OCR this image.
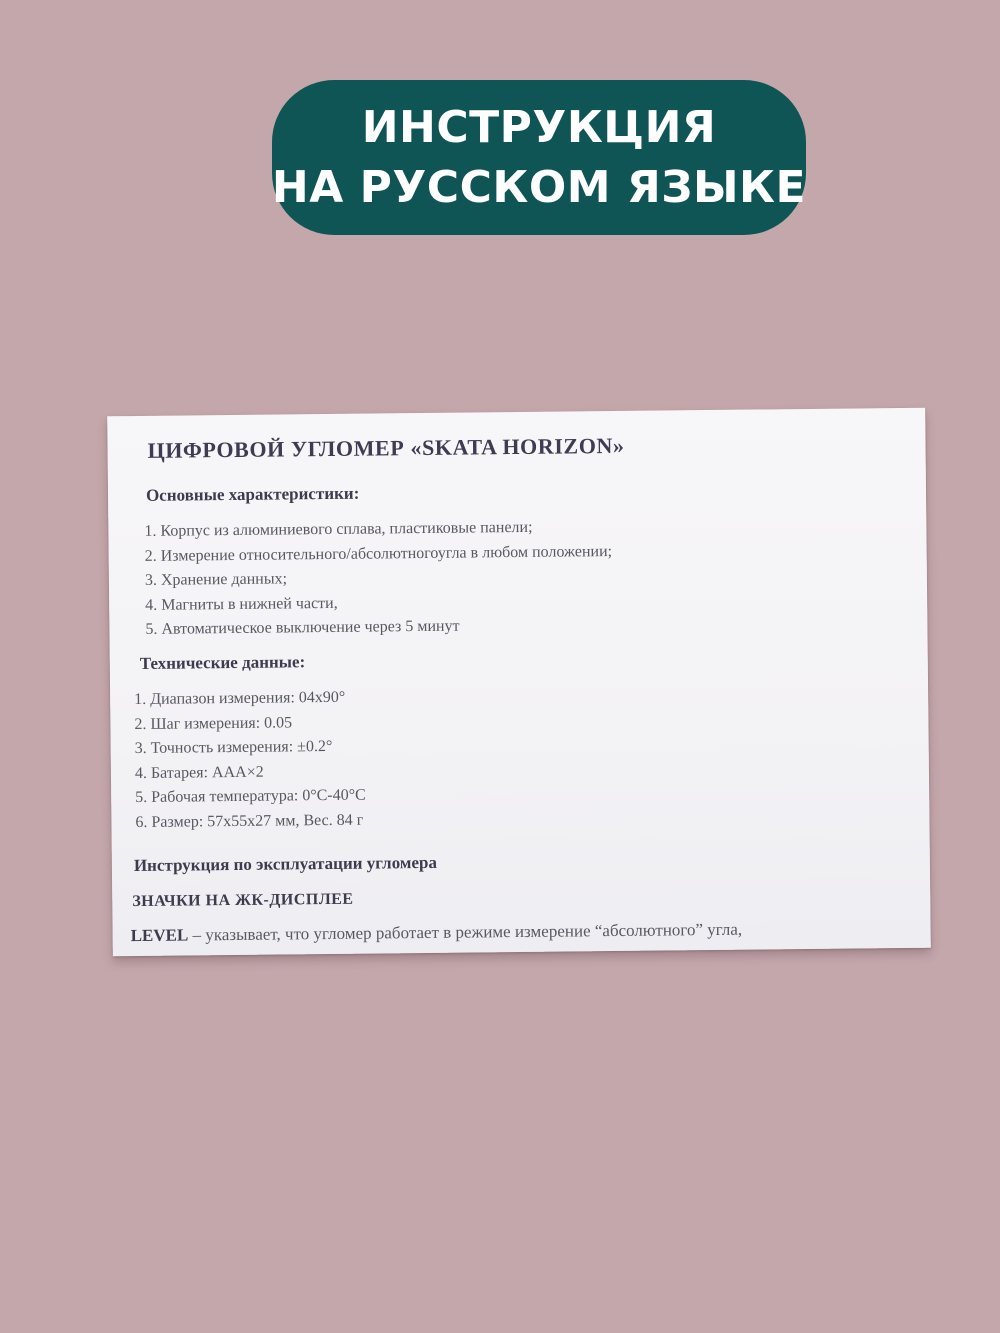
ИНСТРУКЦИЯ
НА РУССКОМ ЯЗЫКЕ
ЦИФРОВОЙ УГЛОМЕР «SKATA HORIZON»
Основные характеристики:
1. Корпус из алюминиевого сплава, пластиковые панели;
2. Измерение относительного/абсолютногоугла в любом положении;
3. Хранение данных;
4. Магниты в нижней части,
5. Автоматическое выключение через 5 минут
Технические данные:
1. Диапазон измерения: 04х90°
2. Шаг измерения: 0.05
3. Точность измерения: ±0.2°
4. Батарея: AAA×2
5. Рабочая температура: 0°C-40°C
6. Размер: 57х55х27 мм, Вес. 84 г
Инструкция по эксплуатации угломера
ЗНАЧКИ НА ЖК-ДИСПЛЕЕ
LEVEL – указывает, что угломер работает в режиме измерение “абсолютного” угла,
